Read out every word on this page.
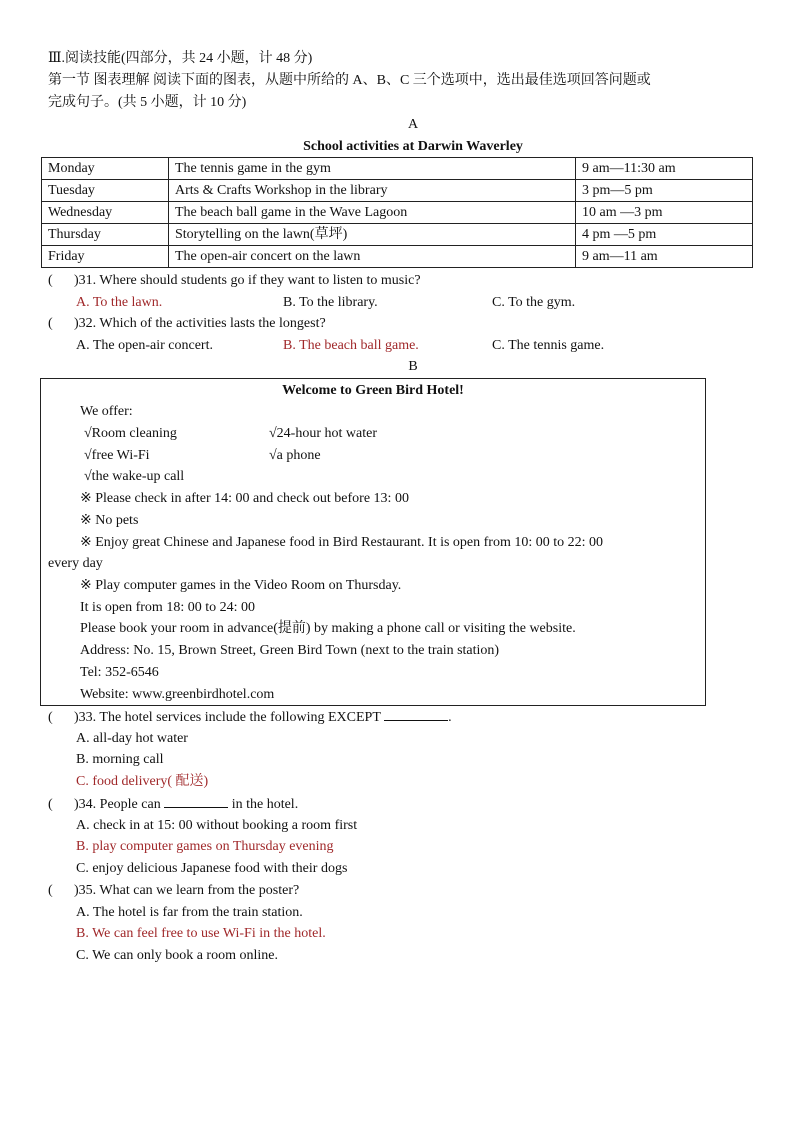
Ⅲ.阅读技能(四部分，共 24 小题，计 48 分)
第一节 图表理解 阅读下面的图表，从题中所给的 A、B、C 三个选项中，选出最佳选项回答问题或
完成句子。(共 5 小题，计 10 分)
A
School activities at Darwin Waverley
Monday	The tennis game in the gym	9 am—11:30 am
Tuesday	Arts & Crafts Workshop in the library	3 pm—5 pm
Wednesday	The beach ball game in the Wave Lagoon	10 am —3 pm
Thursday	Storytelling on the lawn(草坪)	4 pm —5 pm
Friday	The open-air concert on the lawn	9 am—11 am
( )31. Where should students go if they want to listen to music?
A. To the lawn.	B. To the library.	C. To the gym.
( )32. Which of the activities lasts the longest?
A. The open-air concert.	B. The beach ball game.	C. The tennis game.
B
Welcome to Green Bird Hotel!
We offer:
√Room cleaning	√24-hour hot water
√free Wi-Fi	√a phone
√the wake-up call
※ Please check in after 14: 00 and check out before 13: 00
※ No pets
※ Enjoy great Chinese and Japanese food in Bird Restaurant. It is open from 10: 00 to 22: 00
every day
※ Play computer games in the Video Room on Thursday.
It is open from 18: 00 to 24: 00
Please book your room in advance(提前) by making a phone call or visiting the website.
Address: No. 15, Brown Street, Green Bird Town (next to the train station)
Tel: 352-6546
Website: www.greenbirdhotel.com
( )33. The hotel services include the following EXCEPT	.
A. all-day hot water
B. morning call
C. food delivery( 配送)
( )34. People can	in the hotel.
A. check in at 15: 00 without booking a room first
B. play computer games on Thursday evening
C. enjoy delicious Japanese food with their dogs
( )35. What can we learn from the poster?
A. The hotel is far from the train station.
B. We can feel free to use Wi-Fi in the hotel.
C. We can only book a room online.
